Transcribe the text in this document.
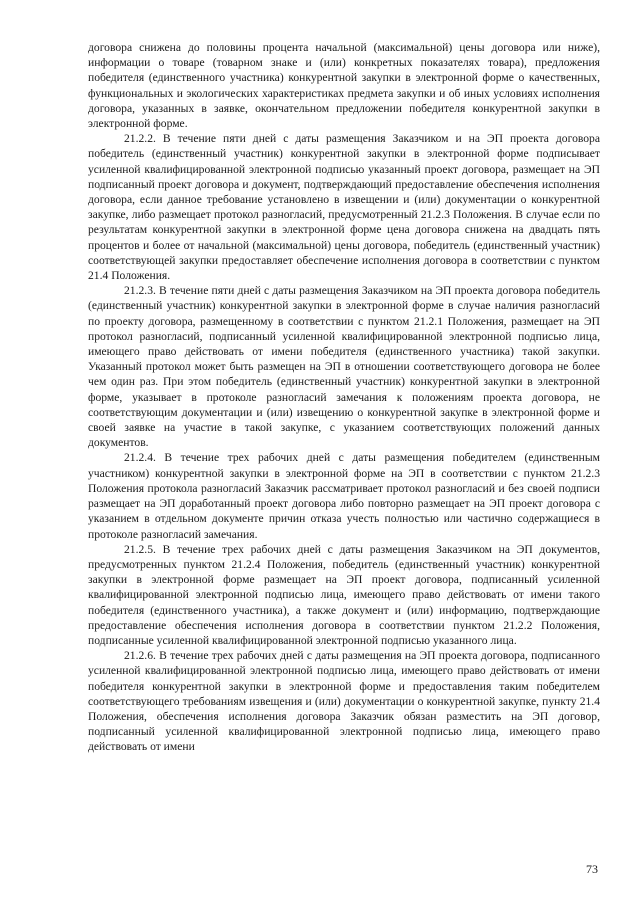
договора снижена до половины процента начальной (максимальной) цены договора или ниже), информации о товаре (товарном знаке и (или) конкретных показателях товара), предложения победителя (единственного участника) конкурентной закупки в электронной форме о качественных, функциональных и экологических характеристиках предмета закупки и об иных условиях исполнения договора, указанных в заявке, окончательном предложении победителя конкурентной закупки в электронной форме.

21.2.2. В течение пяти дней с даты размещения Заказчиком и на ЭП проекта договора победитель (единственный участник) конкурентной закупки в электронной форме подписывает усиленной квалифицированной электронной подписью указанный проект договора, размещает на ЭП подписанный проект договора и документ, подтверждающий предоставление обеспечения исполнения договора, если данное требование установлено в извещении и (или) документации о конкурентной закупке, либо размещает протокол разногласий, предусмотренный 21.2.3 Положения. В случае если по результатам конкурентной закупки в электронной форме цена договора снижена на двадцать пять процентов и более от начальной (максимальной) цены договора, победитель (единственный участник) соответствующей закупки предоставляет обеспечение исполнения договора в соответствии с пунктом 21.4 Положения.

21.2.3. В течение пяти дней с даты размещения Заказчиком на ЭП проекта договора победитель (единственный участник) конкурентной закупки в электронной форме в случае наличия разногласий по проекту договора, размещенному в соответствии с пунктом 21.2.1 Положения, размещает на ЭП протокол разногласий, подписанный усиленной квалифицированной электронной подписью лица, имеющего право действовать от имени победителя (единственного участника) такой закупки. Указанный протокол может быть размещен на ЭП в отношении соответствующего договора не более чем один раз. При этом победитель (единственный участник) конкурентной закупки в электронной форме, указывает в протоколе разногласий замечания к положениям проекта договора, не соответствующим документации и (или) извещению о конкурентной закупке в электронной форме и своей заявке на участие в такой закупке, с указанием соответствующих положений данных документов.

21.2.4. В течение трех рабочих дней с даты размещения победителем (единственным участником) конкурентной закупки в электронной форме на ЭП в соответствии с пунктом 21.2.3 Положения протокола разногласий Заказчик рассматривает протокол разногласий и без своей подписи размещает на ЭП доработанный проект договора либо повторно размещает на ЭП проект договора с указанием в отдельном документе причин отказа учесть полностью или частично содержащиеся в протоколе разногласий замечания.

21.2.5. В течение трех рабочих дней с даты размещения Заказчиком на ЭП документов, предусмотренных пунктом 21.2.4 Положения, победитель (единственный участник) конкурентной закупки в электронной форме размещает на ЭП проект договора, подписанный усиленной квалифицированной электронной подписью лица, имеющего право действовать от имени такого победителя (единственного участника), а также документ и (или) информацию, подтверждающие предоставление обеспечения исполнения договора в соответствии пунктом 21.2.2 Положения, подписанные усиленной квалифицированной электронной подписью указанного лица.

21.2.6. В течение трех рабочих дней с даты размещения на ЭП проекта договора, подписанного усиленной квалифицированной электронной подписью лица, имеющего право действовать от имени победителя конкурентной закупки в электронной форме и предоставления таким победителем соответствующего требованиям извещения и (или) документации о конкурентной закупке, пункту 21.4 Положения, обеспечения исполнения договора Заказчик обязан разместить на ЭП договор, подписанный усиленной квалифицированной электронной подписью лица, имеющего право действовать от имени

73
